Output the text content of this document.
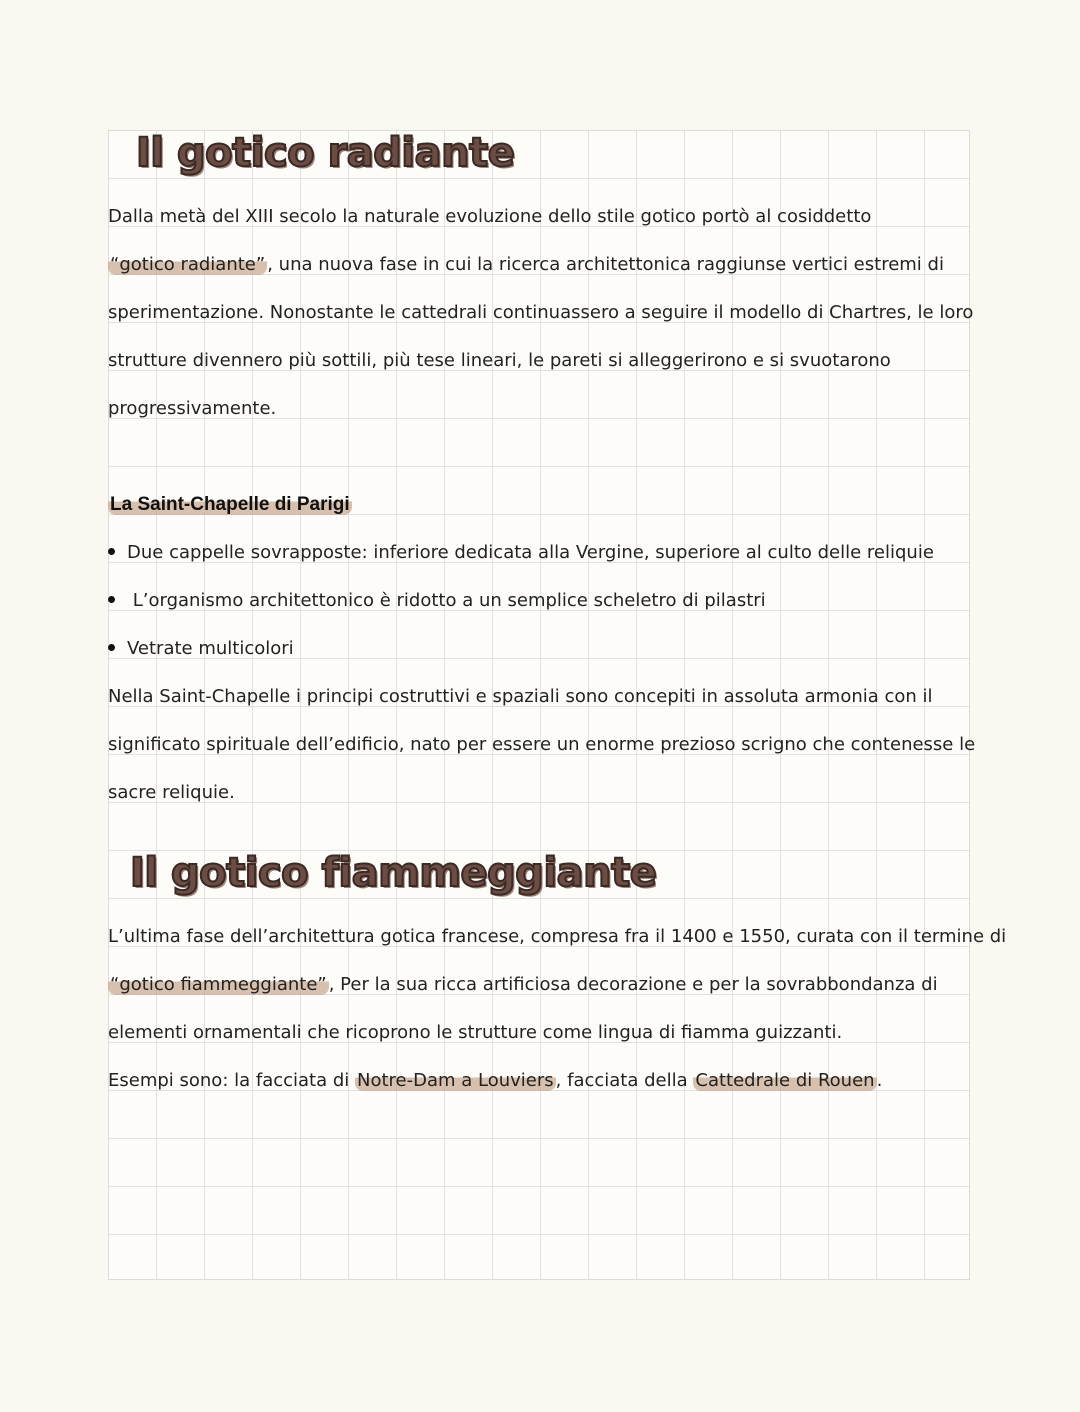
Il gotico radiante
Dalla metà del XIII secolo la naturale evoluzione dello stile gotico portò al cosiddetto
“gotico radiante” , una nuova fase in cui la ricerca architettonica raggiunse vertici estremi di
sperimentazione. Nonostante le cattedrali continuassero a seguire il modello di Chartres, le loro
strutture divennero più sottili, più tese lineari, le pareti si alleggerirono e si svuotarono
progressivamente.
La Saint-Chapelle di Parigi
Due cappelle sovrapposte: inferiore dedicata alla Vergine, superiore al culto delle reliquie
L’organismo architettonico è ridotto a un semplice scheletro di pilastri
Vetrate multicolori
Nella Saint-Chapelle i principi costruttivi e spaziali sono concepiti in assoluta armonia con il
significato spirituale dell’edificio, nato per essere un enorme prezioso scrigno che contenesse le
sacre reliquie.
Il gotico fiammeggiante
L’ultima fase dell’architettura gotica francese, compresa fra il 1400 e 1550, curata con il termine di
“gotico fiammeggiante” , Per la sua ricca artificiosa decorazione e per la sovrabbondanza di
elementi ornamentali che ricoprono le strutture come lingua di fiamma guizzanti.
Esempi sono: la facciata di Notre-Dam a Louviers , facciata della Cattedrale di Rouen .
